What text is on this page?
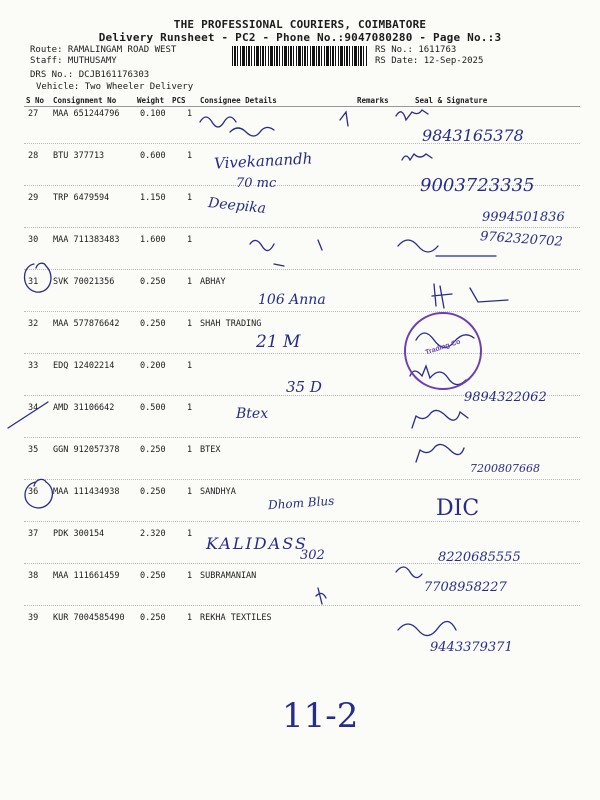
THE PROFESSIONAL COURIERS, COIMBATORE
Delivery Runsheet - PC2 - Phone No.:9047080280 - Page No.:3
Route: RAMALINGAM ROAD WEST
Staff: MUTHUSAMY
DRS No.: DCJB161176303
Vehicle: Two Wheeler Delivery
RS No.: 1611763
RS Date: 12-Sep-2025
S No Consignment No	Weight PCS Consignee Details	Remarks	Seal & Signature
27 MAA 651244796 0.100	1
28 BTU 377713	0.600	1
29 TRP 6479594	1.150	1
30 MAA 711383483 1.600	1
31 SVK 70021356	0.250	1 ABHAY
32 MAA 577876642 0.250	1 SHAH TRADING
33 EDQ 12402214	0.200	1
34 AMD 31106642	0.500	1
35 GGN 912057378 0.250	1 BTEX
36 MAA 111434938 0.250	1 SANDHYA
37 PDK 300154	2.320	1
38 MAA 111661459 0.250	1 SUBRAMANIAN
39 KUR 7004585490 0.250	1 REKHA TEXTILES
Trading Co
9843165378
Vivekanandh
9003723335
70 mc
Deepika
9994501836
9762320702
106 Anna
21 M
35 D
9894322062
Btex
7200807668
Dhom Blus	DIC
KALIDASS
8220685555
302
7708958227
9443379371
11-2
